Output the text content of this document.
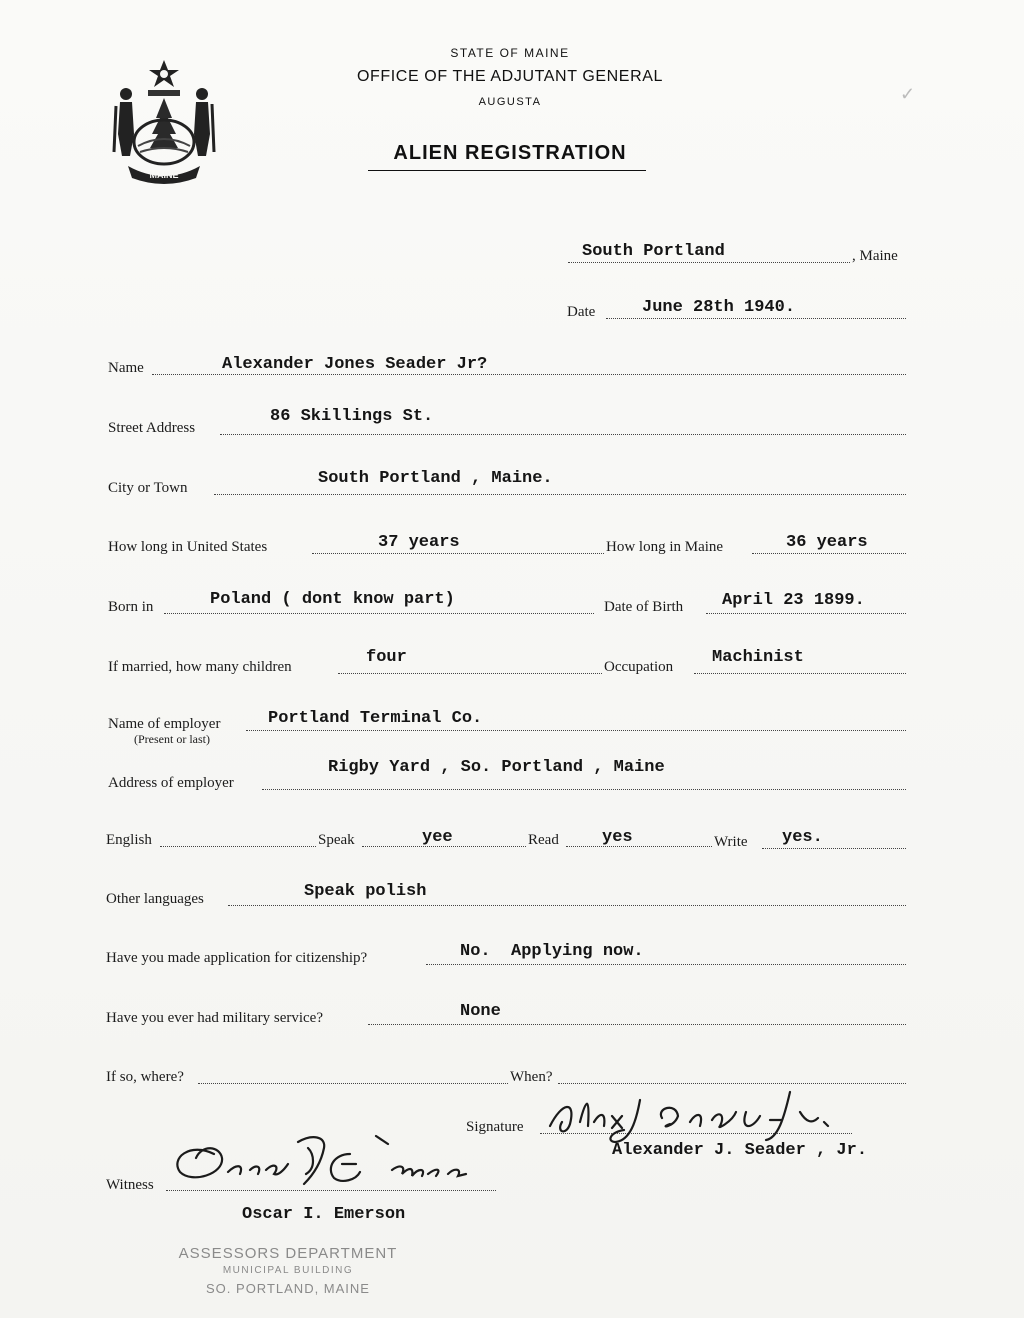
MAINE
STATE OF MAINE
OFFICE OF THE ADJUTANT GENERAL
AUGUSTA
ALIEN REGISTRATION
✓
South Portland	, Maine
Date	June 28th 1940.
Name	Alexander Jones Seader Jr?
Street Address
86 Skillings St.
City or Town	South Portland , Maine.
How long in United States	37 years	How long in Maine	36 years
Born in	Poland ( dont know part)	Date of Birth April 23 1899.
If married, how many children	four	Occupation Machinist
Name of employer
(Present or last)
Portland Terminal Co.
Address of employer
Rigby Yard , So. Portland , Maine
English	Speak	yee	Read	yes	Write yes.
Other languages	Speak polish
Have you made application for citizenship?	No.  Applying now.
Have you ever had military service?	None
If so, where?	When?
Signature
Alexander J. Seader , Jr.
Witness
Oscar I. Emerson
ASSESSORS DEPARTMENT
MUNICIPAL BUILDING
SO. PORTLAND, MAINE
